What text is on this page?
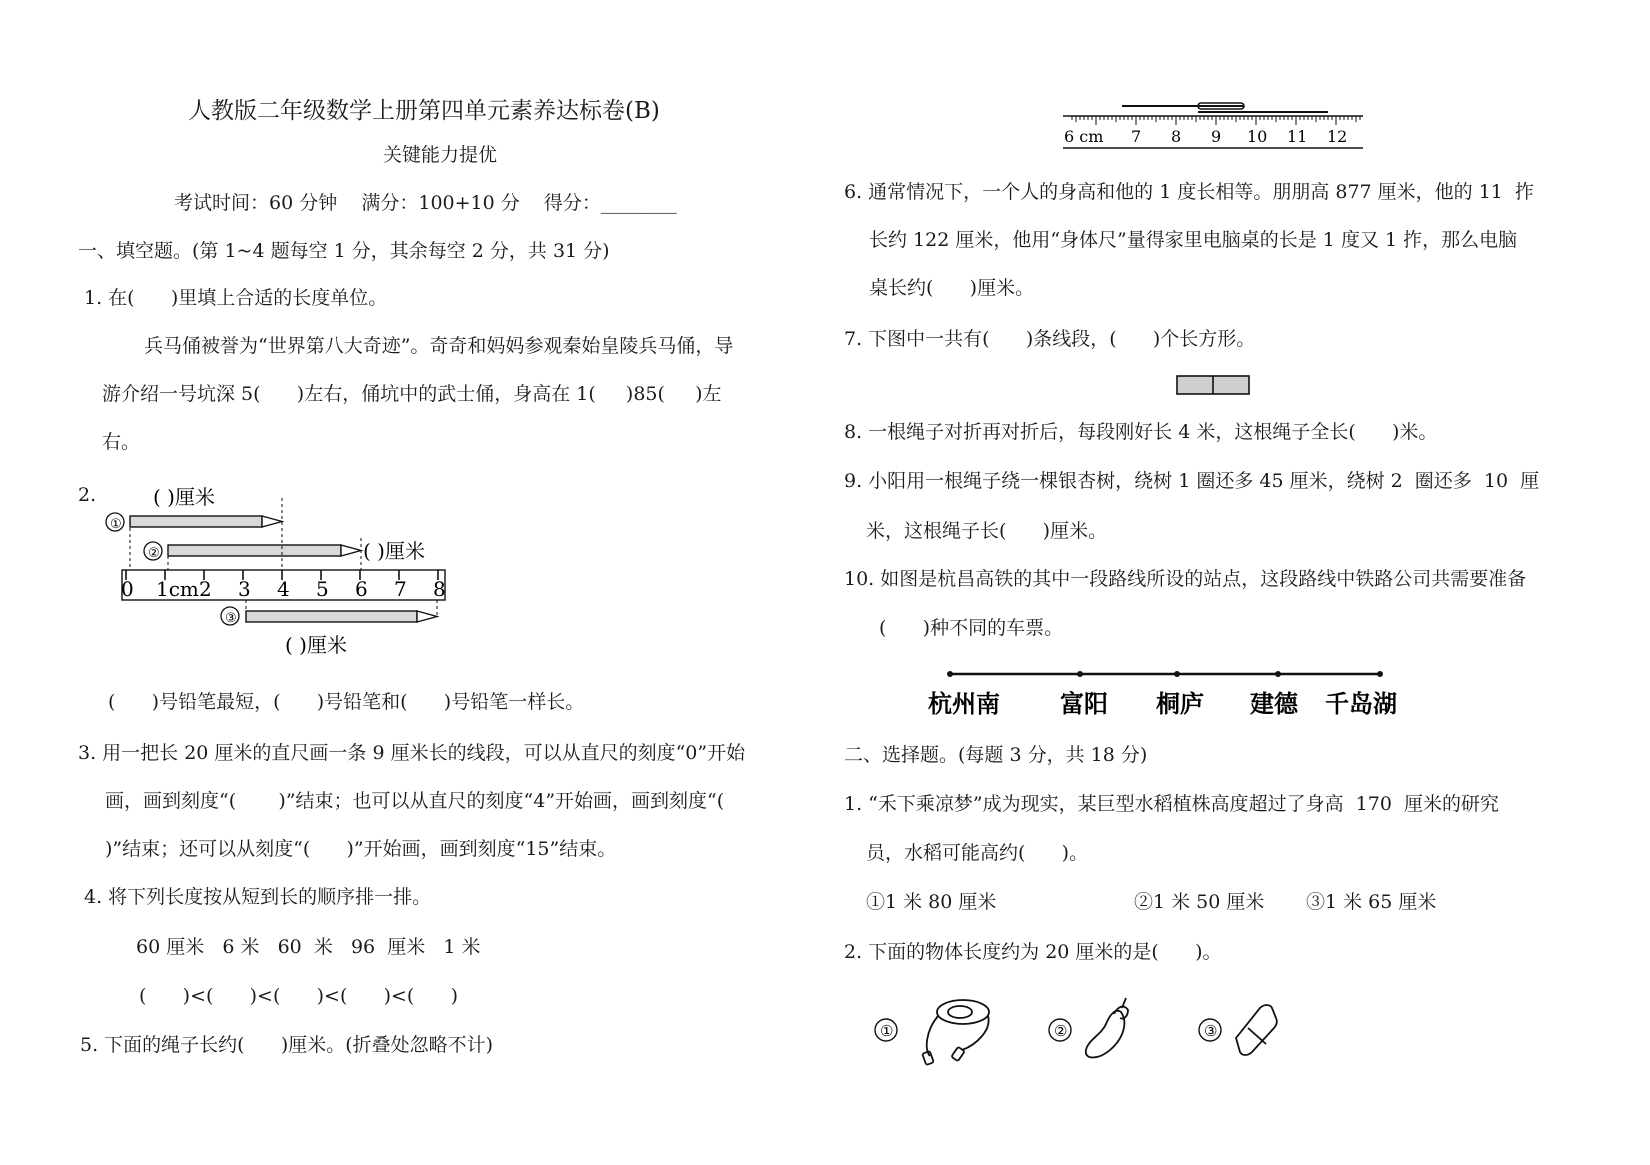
人教版二年级数学上册第四单元素养达标卷(B)
关键能力提优
考试时间：60 分钟    满分：100+10 分    得分：________
一、填空题。(第 1~4 题每空 1 分，其余每空 2 分，共 31 分)
1. 在(      )里填上合适的长度单位。
兵马俑被誉为“世界第八大奇迹”。奇奇和妈妈参观秦始皇陵兵马俑，导
游介绍一号坑深 5(      )左右，俑坑中的武士俑，身高在 1(     )85(     )左
右。
2.	( )厘米
①
②	( )厘米
0 1cm 2 3 4 5 6 7 8
③
( )厘米
(      )号铅笔最短，(      )号铅笔和(      )号铅笔一样长。
3. 用一把长 20 厘米的直尺画一条 9 厘米长的线段，可以从直尺的刻度“0”开始
画，画到刻度“(       )”结束；也可以从直尺的刻度“4”开始画，画到刻度“(
)”结束；还可以从刻度“(      )”开始画，画到刻度“15”结束。
4. 将下列长度按从短到长的顺序排一排。
60 厘米   6 米   60  米   96  厘米   1 米
(      )<(      )<(      )<(      )<(      )
5. 下面的绳子长约(      )厘米。(折叠处忽略不计)
6 cm 7 8 9 10 11 12
6. 通常情况下，一个人的身高和他的 1 度长相等。朋朋高 877 厘米，他的 11  拃
长约 122 厘米，他用“身体尺”量得家里电脑桌的长是 1 度又 1 拃，那么电脑
桌长约(      )厘米。
7. 下图中一共有(      )条线段，(      )个长方形。
8. 一根绳子对折再对折后，每段刚好长 4 米，这根绳子全长(      )米。
9. 小阳用一根绳子绕一棵银杏树，绕树 1 圈还多 45 厘米，绕树 2  圈还多  10  厘
米，这根绳子长(      )厘米。
10. 如图是杭昌高铁的其中一段路线所设的站点，这段路线中铁路公司共需要准备
(      )种不同的车票。
杭州南	富阳 桐庐 建德 千岛湖
二、选择题。(每题 3 分，共 18 分)
1. “禾下乘凉梦”成为现实，某巨型水稻植株高度超过了身高  170  厘米的研究
员，水稻可能高约(      )。
①1 米 80 厘米	②1 米 50 厘米 ③1 米 65 厘米
2. 下面的物体长度约为 20 厘米的是(      )。
①	②	③
